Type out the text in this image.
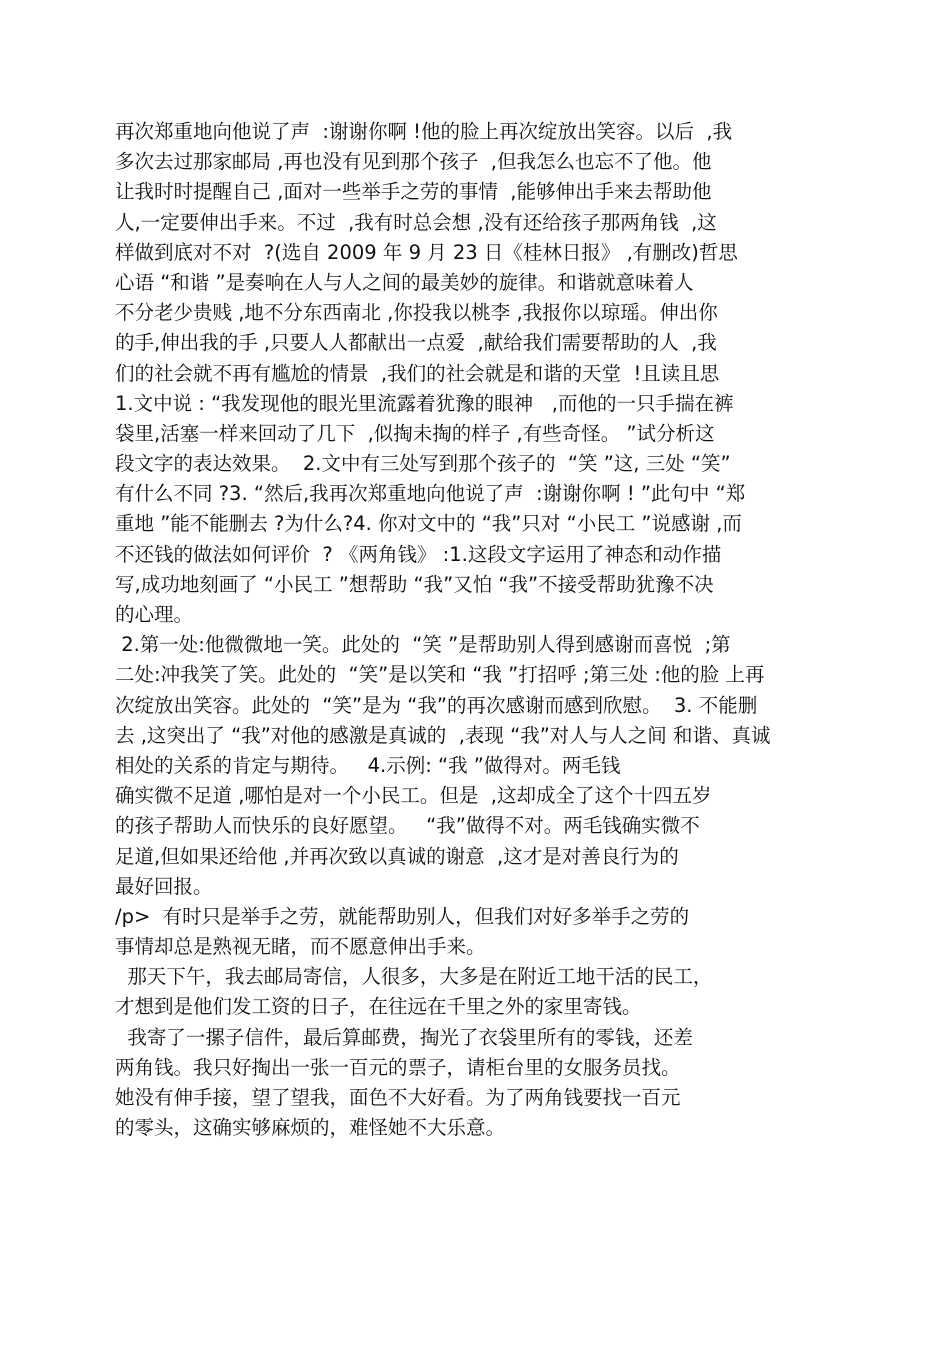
再次郑重地向他说了声  :谢谢你啊 !他的脸上再次绽放出笑容。以后  ,我
多次去过那家邮局 ,再也没有见到那个孩子  ,但我怎么也忘不了他。他
让我时时提醒自己 ,面对一些举手之劳的事情  ,能够伸出手来去帮助他
人,一定要伸出手来。不过  ,我有时总会想 ,没有还给孩子那两角钱  ,这
样做到底对不对  ?(选自 2009 年 9 月 23 日《桂林日报》 ,有删改)哲思
心语 “和谐 ”是奏响在人与人之间的最美妙的旋律。和谐就意味着人
不分老少贵贱 ,地不分东西南北 ,你投我以桃李 ,我报你以琼瑶。伸出你
的手,伸出我的手 ,只要人人都献出一点爱  ,献给我们需要帮助的人  ,我
们的社会就不再有尴尬的情景  ,我们的社会就是和谐的天堂  !且读且思
1.文中说 : “我发现他的眼光里流露着犹豫的眼神   ,而他的一只手揣在裤
袋里,活塞一样来回动了几下  ,似掏未掏的样子 ,有些奇怪。 ”试分析这
段文字的表达效果。  2.文中有三处写到那个孩子的  “笑 ”这, 三处 “笑”
有什么不同 ?3. “然后,我再次郑重地向他说了声  :谢谢你啊 ! ”此句中 “郑
重地 ”能不能删去 ?为什么?4. 你对文中的 “我”只对 “小民工 ”说感谢 ,而
不还钱的做法如何评价  ? 《两角钱》 :1.这段文字运用了神态和动作描
写,成功地刻画了 “小民工 ”想帮助 “我”又怕 “我”不接受帮助犹豫不决
的心理。
2.第一处:他微微地一笑。此处的  “笑 ”是帮助别人得到感谢而喜悦  ;第
二处:冲我笑了笑。此处的  “笑”是以笑和 “我 ”打招呼 ;第三处 :他的脸 上再
次绽放出笑容。此处的  “笑”是为 “我”的再次感谢而感到欣慰。  3. 不能删
去 ,这突出了 “我”对他的感激是真诚的  ,表现 “我”对人与人之间 和谐、真诚
相处的关系的肯定与期待。   4.示例: “我 ”做得对。两毛钱
确实微不足道 ,哪怕是对一个小民工。但是  ,这却成全了这个十四五岁
的孩子帮助人而快乐的良好愿望。   “我”做得不对。两毛钱确实微不
足道,但如果还给他 ,并再次致以真诚的谢意  ,这才是对善良行为的
最好回报。
/p>  有时只是举手之劳，就能帮助别人，但我们对好多举手之劳的
事情却总是熟视无睹，而不愿意伸出手来。
那天下午，我去邮局寄信，人很多，大多是在附近工地干活的民工，
才想到是他们发工资的日子，在往远在千里之外的家里寄钱。
我寄了一摞子信件，最后算邮费，掏光了衣袋里所有的零钱，还差
两角钱。我只好掏出一张一百元的票子，请柜台里的女服务员找。
她没有伸手接，望了望我，面色不大好看。为了两角钱要找一百元
的零头，这确实够麻烦的，难怪她不大乐意。
